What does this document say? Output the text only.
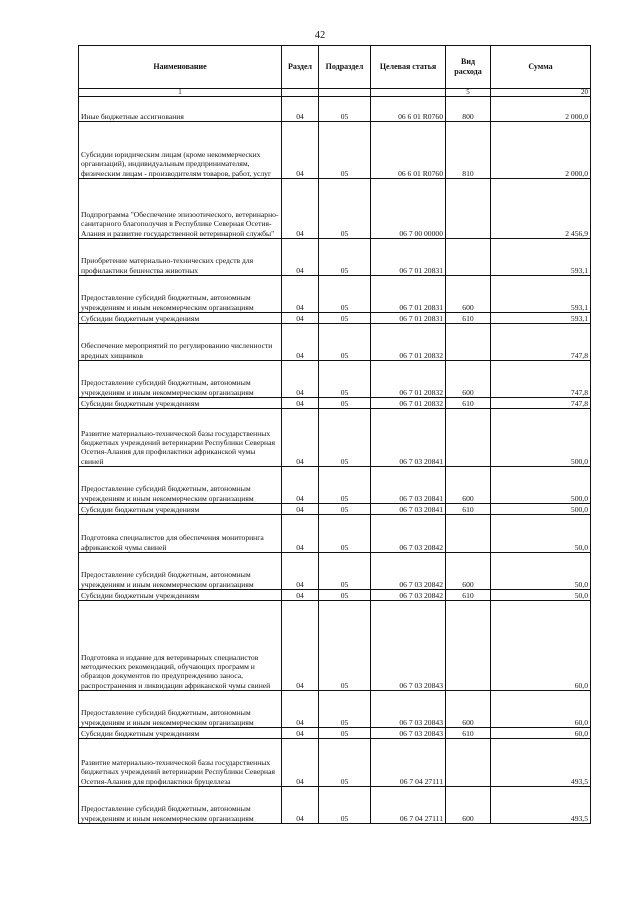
42
Наименование	Раздел	Подраздел	Целевая статья	Вид расхода	Сумма
1				5	20
Иные бюджетные ассигнования	04	05	06 6 01 R0760	800	2 000,0
Субсидии юридическим лицам (кроме некоммерческих организаций), индивидуальным предпринимателям, физическим лицам - производителям товаров, работ, услуг	04	05	06 6 01 R0760	810	2 000,0
Подпрограмма "Обеспечение эпизоотического, ветеринарно-санитарного благополучия в Республике Северная Осетия-Алания и развитие государственной ветеринарной службы"	04	05	06 7 00 00000		2 456,9
Приобретение материально-технических средств для профилактики бешенства животных	04	05	06 7 01 20831		593,1
Предоставление субсидий бюджетным, автономным учреждениям и иным некоммерческим организациям	04	05	06 7 01 20831	600	593,1
Субсидии бюджетным учреждениям	04	05	06 7 01 20831	610	593,1
Обеспечение мероприятий по регулированию численности вредных хищников	04	05	06 7 01 20832		747,8
Предоставление субсидий бюджетным, автономным учреждениям и иным некоммерческим организациям	04	05	06 7 01 20832	600	747,8
Субсидии бюджетным учреждениям	04	05	06 7 01 20832	610	747,8
Развитие материально-технической базы государственных бюджетных учреждений ветеринарии Республики Северная Осетия-Алания для профилактики африканской чумы свиней	04	05	06 7 03 20841		500,0
Предоставление субсидий бюджетным, автономным учреждениям и иным некоммерческим организациям	04	05	06 7 03 20841	600	500,0
Субсидии бюджетным учреждениям	04	05	06 7 03 20841	610	500,0
Подготовка специалистов для обеспечения мониторинга африканской чумы свиней	04	05	06 7 03 20842		50,0
Предоставление субсидий бюджетным, автономным учреждениям и иным некоммерческим организациям	04	05	06 7 03 20842	600	50,0
Субсидии бюджетным учреждениям	04	05	06 7 03 20842	610	50,0
Подготовка и издание для ветеринарных специалистов методических рекомендаций, обучающих программ и образцов документов по предупреждению заноса, распространения и ликвидации африканской чумы свиней	04	05	06 7 03 20843		60,0
Предоставление субсидий бюджетным, автономным учреждениям и иным некоммерческим организациям	04	05	06 7 03 20843	600	60,0
Субсидии бюджетным учреждениям	04	05	06 7 03 20843	610	60,0
Развитие материально-технической базы государственных бюджетных учреждений ветеринарии Республики Северная Осетия-Алания для профилактики бруцеллеза	04	05	06 7 04 27111		493,5
Предоставление субсидий бюджетным, автономным учреждениям и иным некоммерческим организациям	04	05	06 7 04 27111	600	493,5
